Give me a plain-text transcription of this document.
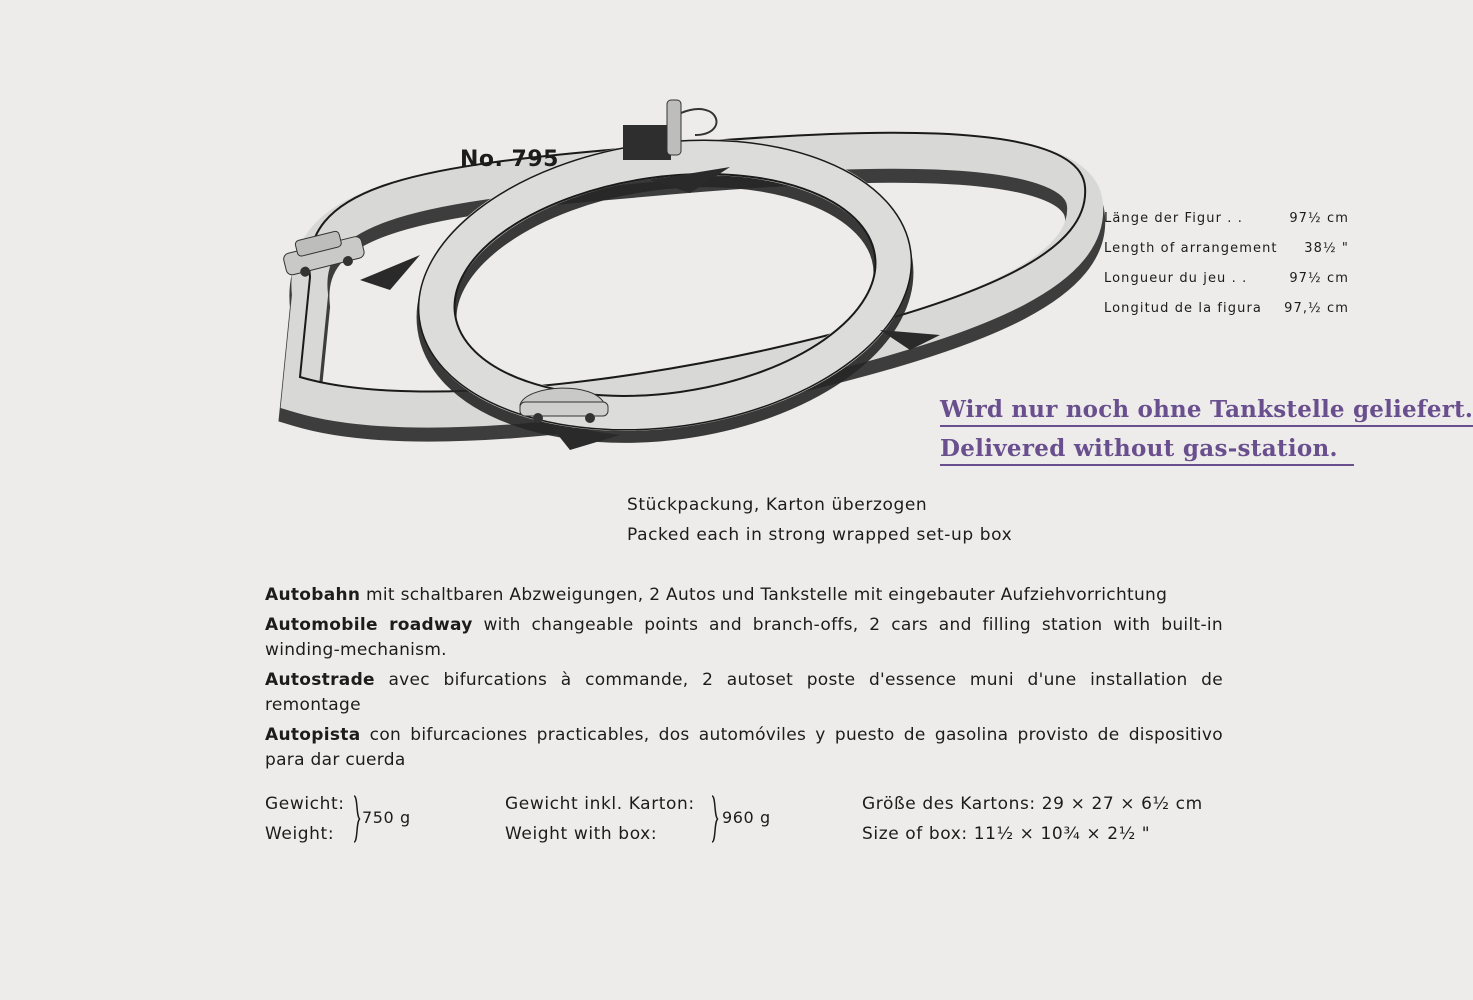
No. 795
Länge der Figur . .	97½ cm
Length of arrangement 38½ "
Longueur du jeu . .	97½ cm
Longitud de la figura 97,½ cm
Wird nur noch ohne Tankstelle geliefert.
Delivered without gas-station.
Stückpackung, Karton überzogen
Packed each in strong wrapped set-up box
Autobahn mit schaltbaren Abzweigungen, 2 Autos und Tankstelle mit eingebauter Aufziehvorrichtung
Automobile roadway with changeable points and branch-offs, 2 cars and filling station with built-in winding-mechanism.
Autostrade avec bifurcations à commande, 2 autoset poste d'essence muni d'une installation de remontage
Autopista con bifurcaciones practicables, dos automóviles y puesto de gasolina provisto de dispositivo para dar cuerda
Gewicht:
Weight:
750 g
Gewicht inkl. Karton:
Weight with box:
960 g
Größe des Kartons: 29 × 27 × 6½ cm
Size of box: 11½ × 10¾ × 2½ "
